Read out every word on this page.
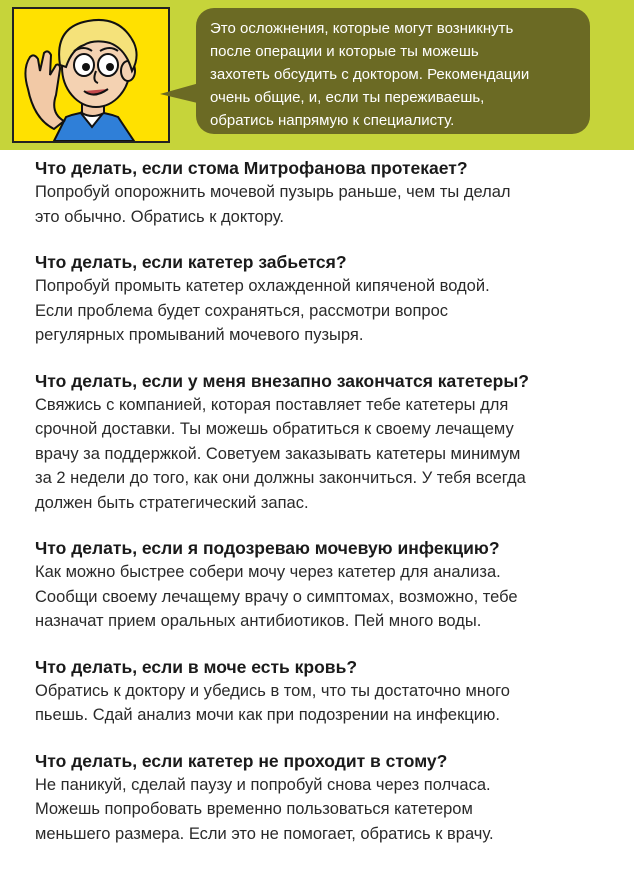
Это осложнения, которые могут возникнуть
после операции и которые ты можешь
захотеть обсудить с доктором. Рекомендации
очень общие, и, если ты переживаешь,
обратись напрямую к специалисту.
Что делать, если стома Митрофанова протекает?
Попробуй опорожнить мочевой пузырь раньше, чем ты делал
это обычно. Обратись к доктору.
Что делать, если катетер забьется?
Попробуй промыть катетер охлажденной кипяченой водой.
Если проблема будет сохраняться, рассмотри вопрос
регулярных промываний мочевого пузыря.
Что делать, если у меня внезапно закончатся катетеры?
Свяжись с компанией, которая поставляет тебе катетеры для
срочной доставки. Ты можешь обратиться к своему лечащему
врачу за поддержкой. Советуем заказывать катетеры минимум
за 2 недели до того, как они должны закончиться. У тебя всегда
должен быть стратегический запас.
Что делать, если я подозреваю мочевую инфекцию?
Как можно быстрее собери мочу через катетер для анализа.
Сообщи своему лечащему врачу о симптомах, возможно, тебе
назначат прием оральных антибиотиков. Пей много воды.
Что делать, если в моче есть кровь?
Обратись к доктору и убедись в том, что ты достаточно много
пьешь. Сдай анализ мочи как при подозрении на инфекцию.
Что делать, если катетер не проходит в стому?
Не паникуй, сделай паузу и попробуй снова через полчаса.
Можешь попробовать временно пользоваться катетером
меньшего размера. Если это не помогает, обратись к врачу.
